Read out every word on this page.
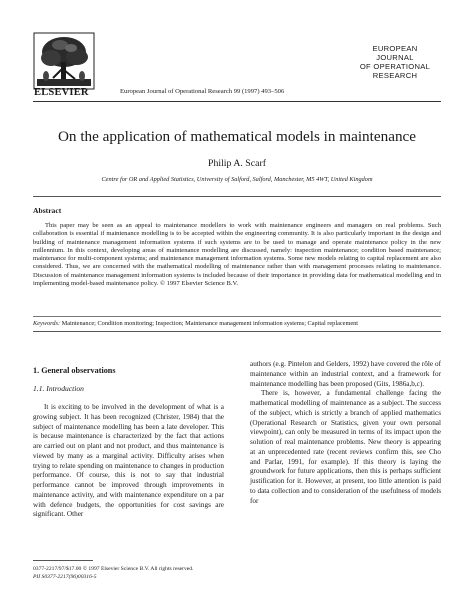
ELSEVIER	European Journal of Operational Research 99 (1997) 493–506
EUROPEAN
JOURNAL
OF OPERATIONAL
RESEARCH
On the application of mathematical models in maintenance
Philip A. Scarf
Centre for OR and Applied Statistics, University of Salford, Salford, Manchester, M5 4WT, United Kingdom
Abstract

This paper may be seen as an appeal to maintenance modellers to work with maintenance engineers and managers on real problems. Such collaboration is essential if maintenance modelling is to be accepted within the engineering community. It is also particularly important in the design and building of maintenance management information systems if such systems are to be used to manage and operate maintenance policy in the new millennium. In this context, developing areas of maintenance modelling are discussed, namely: inspection maintenance; condition based maintenance; maintenance for multi-component systems; and maintenance management information systems. Some new models relating to capital replacement are also considered. Thus, we are concerned with the mathematical modelling of maintenance rather than with management processes relating to maintenance. Discussion of maintenance management information systems is included because of their importance in providing data for mathematical modelling and in implementing model-based maintenance policy. © 1997 Elsevier Science B.V.

Keywords: Maintenance; Condition monitoring; Inspection; Maintenance management information systems; Capital replacement
1. General observations
1.1. Introduction

It is exciting to be involved in the development of what is a growing subject. It has been recognized (Christer, 1984) that the subject of maintenance modelling has been a late developer. This is because maintenance is characterized by the fact that actions are carried out on plant and not product, and thus maintenance is viewed by many as a marginal activity. Difficulty arises when trying to relate spending on maintenance to changes in production performance. Of course, this is not to say that industrial performance cannot be improved through improvements in maintenance activity, and with maintenance expenditure on a par with defence budgets, the opportunities for cost savings are significant. Other

authors (e.g. Pintelon and Gelders, 1992) have covered the rôle of maintenance within an industrial context, and a framework for maintenance modelling has been proposed (Gits, 1986a,b,c).

There is, however, a fundamental challenge facing the mathematical modelling of maintenance as a subject. The success of the subject, which is strictly a branch of applied mathematics (Operational Research or Statistics, given your own personal viewpoint), can only be measured in terms of its impact upon the solution of real maintenance problems. New theory is appearing at an unprecedented rate (recent reviews confirm this, see Cho and Parlar, 1991, for example). If this theory is laying the groundwork for future applications, then this is perhaps sufficient justification for it. However, at present, too little attention is paid to data collection and to consideration of the usefulness of models for

0377-2217/97/$17.00 © 1997 Elsevier Science B.V. All rights reserved.
PII S0377-2217(96)00316-5
